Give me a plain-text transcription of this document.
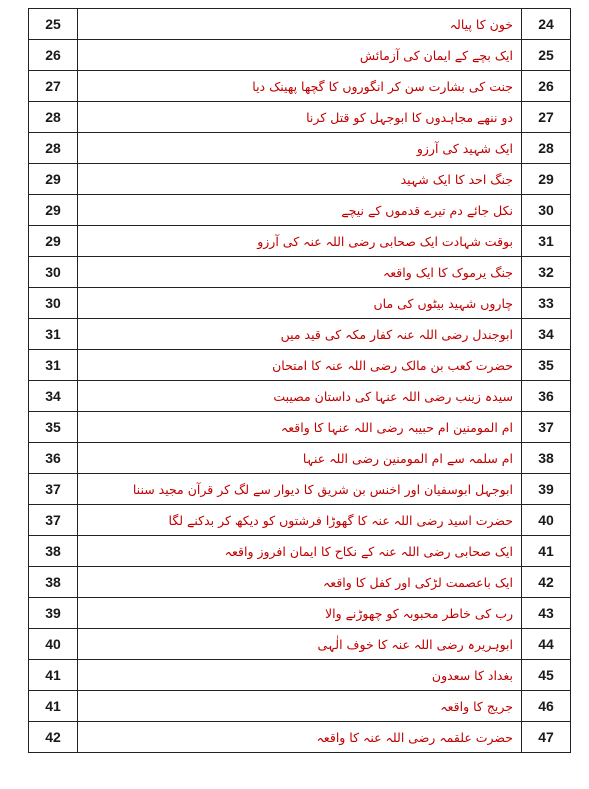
25	خون کا پیالہ	24
26	ایک بچے کے ایمان کی آزمائش	25
27	جنت کی بشارت سن کر انگوروں کا گچھا پھینک دیا	26
28	دو ننھے مجاہدوں کا ابوجہل کو قتل کرنا	27
28	ایک شہید کی آرزو	28
29	جنگ احد کا ایک شہید	29
29	نکل جائے دم تیرے قدموں کے نیچے	30
29	بوقت شہادت ایک صحابی رضی اللہ عنہ کی آرزو	31
30	جنگ یرموک کا ایک واقعہ	32
30	چاروں شہید بیٹوں کی ماں	33
31	ابوجندل رضی اللہ عنہ کفار مکہ کی قید میں	34
31	حضرت کعب بن مالک رضی اللہ عنہ کا امتحان	35
34	سیدہ زینب رضی اللہ عنہا کی داستان مصیبت	36
35	ام المومنین ام حبیبہ رضی اللہ عنہا کا واقعہ	37
36	ام سلمہ سے ام المومنین رضی اللہ عنہا	38
37	ابوجہل ابوسفیان اور اخنس بن شریق کا دیوار سے لگ کر قرآن مجید سننا	39
37	حضرت اسید رضی اللہ عنہ کا گھوڑا فرشتوں کو دیکھ کر بدکنے لگا	40
38	ایک صحابی رضی اللہ عنہ کے نکاح کا ایمان افروز واقعہ	41
38	ایک باعصمت لڑکی اور کفل کا واقعہ	42
39	رب کی خاطر محبوبہ کو چھوڑنے والا	43
40	ابوہریرہ رضی اللہ عنہ کا خوف الٰہی	44
41	بغداد کا سعدون	45
41	جریج کا واقعہ	46
42	حضرت علقمہ رضی اللہ عنہ کا واقعہ	47
